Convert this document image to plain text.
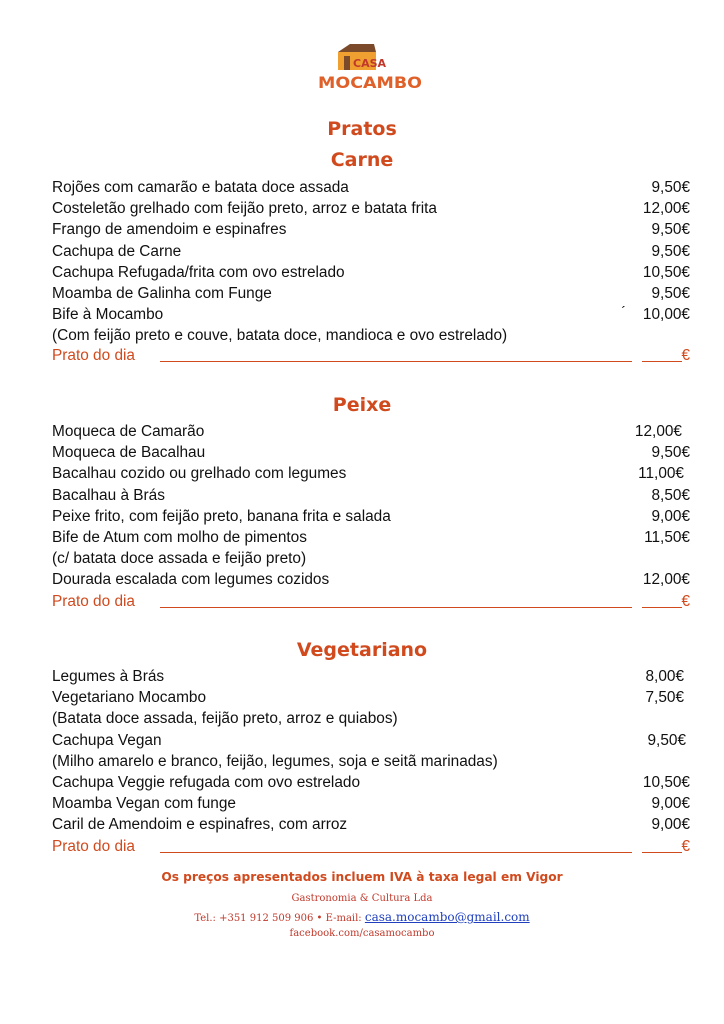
CASA
MOCAMBO
Pratos
Carne
Rojões com camarão e batata doce assada	9,50€
Costeletão grelhado com feijão preto, arroz e batata frita	12,00€
Frango de amendoim e espinafres	9,50€
Cachupa de Carne	9,50€
Cachupa Refugada/frita com ovo estrelado	10,50€
Moamba de Galinha com Funge	9,50€
Bife à Mocambo	´ 10,00€
(Com feijão preto e couve, batata doce, mandioca e ovo estrelado)
Prato do dia	€
Peixe
Moqueca de Camarão	12,00€
Moqueca de Bacalhau	9,50€
Bacalhau cozido ou grelhado com legumes	11,00€
Bacalhau à Brás	8,50€
Peixe frito, com feijão preto, banana frita e salada	9,00€
Bife de Atum com molho de pimentos	11,50€
(c/ batata doce assada e feijão preto)
Dourada escalada com legumes cozidos	12,00€
Prato do dia	€
Vegetariano
Legumes à Brás	8,00€
Vegetariano Mocambo	7,50€
(Batata doce assada, feijão preto, arroz e quiabos)
Cachupa Vegan	9,50€
(Milho amarelo e branco, feijão, legumes, soja e seitã marinadas)
Cachupa Veggie refugada com ovo estrelado	10,50€
Moamba Vegan com funge	9,00€
Caril de Amendoim e espinafres, com arroz	9,00€
Prato do dia	€
Os preços apresentados incluem IVA à taxa legal em Vigor
Gastronomia & Cultura Lda
Tel.: +351 912 509 906 • E-mail: casa.mocambo@gmail.com
facebook.com/casamocambo
